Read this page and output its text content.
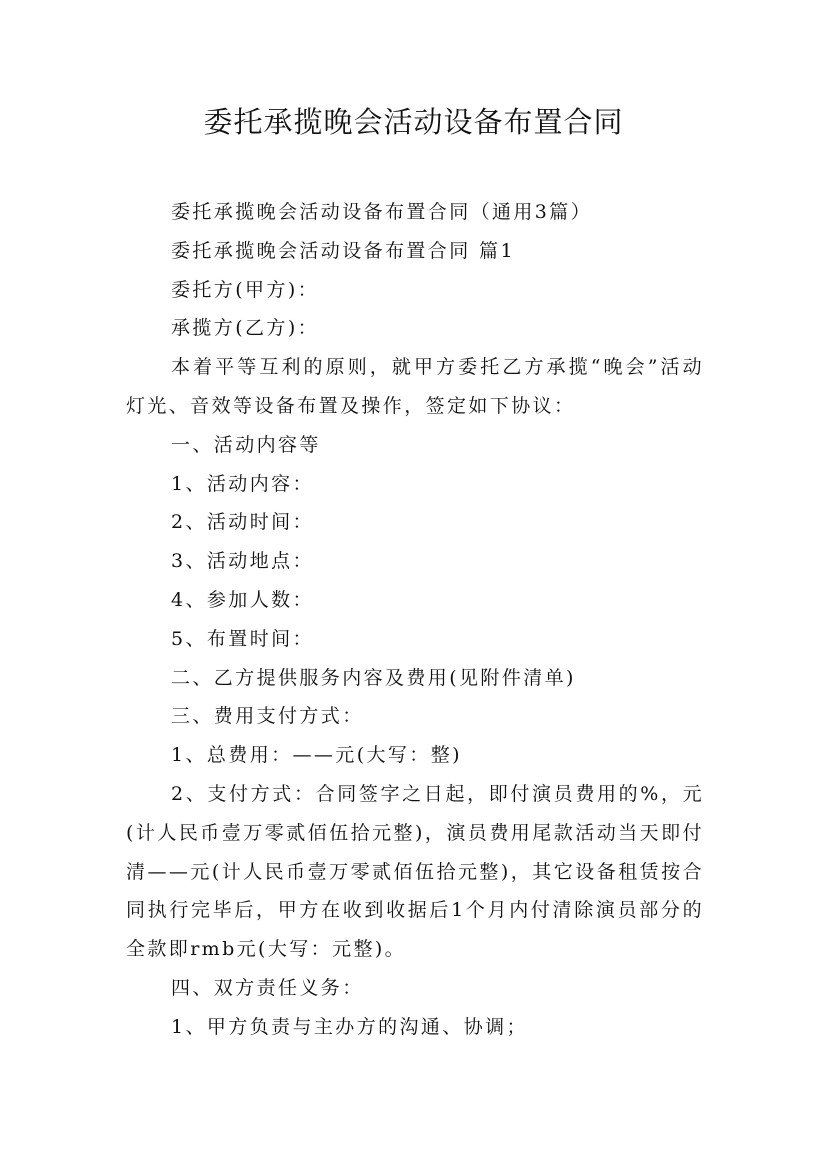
委托承揽晚会活动设备布置合同

委托承揽晚会活动设备布置合同（通用3篇）

委托承揽晚会活动设备布置合同 篇1

委托方(甲方)：

承揽方(乙方)：

本着平等互利的原则，就甲方委托乙方承揽“晚会”活动灯光、音效等设备布置及操作，签定如下协议：

一、活动内容等

1、活动内容：

2、活动时间：

3、活动地点：

4、参加人数：

5、布置时间：

二、乙方提供服务内容及费用(见附件清单)

三、费用支付方式：

1、总费用：——元(大写：整)

2、支付方式：合同签字之日起，即付演员费用的%，元(计人民币壹万零贰佰伍拾元整)，演员费用尾款活动当天即付清——元(计人民币壹万零贰佰伍拾元整)，其它设备租赁按合同执行完毕后，甲方在收到收据后1个月内付清除演员部分的全款即rmb元(大写：元整)。

四、双方责任义务：

1、甲方负责与主办方的沟通、协调；
